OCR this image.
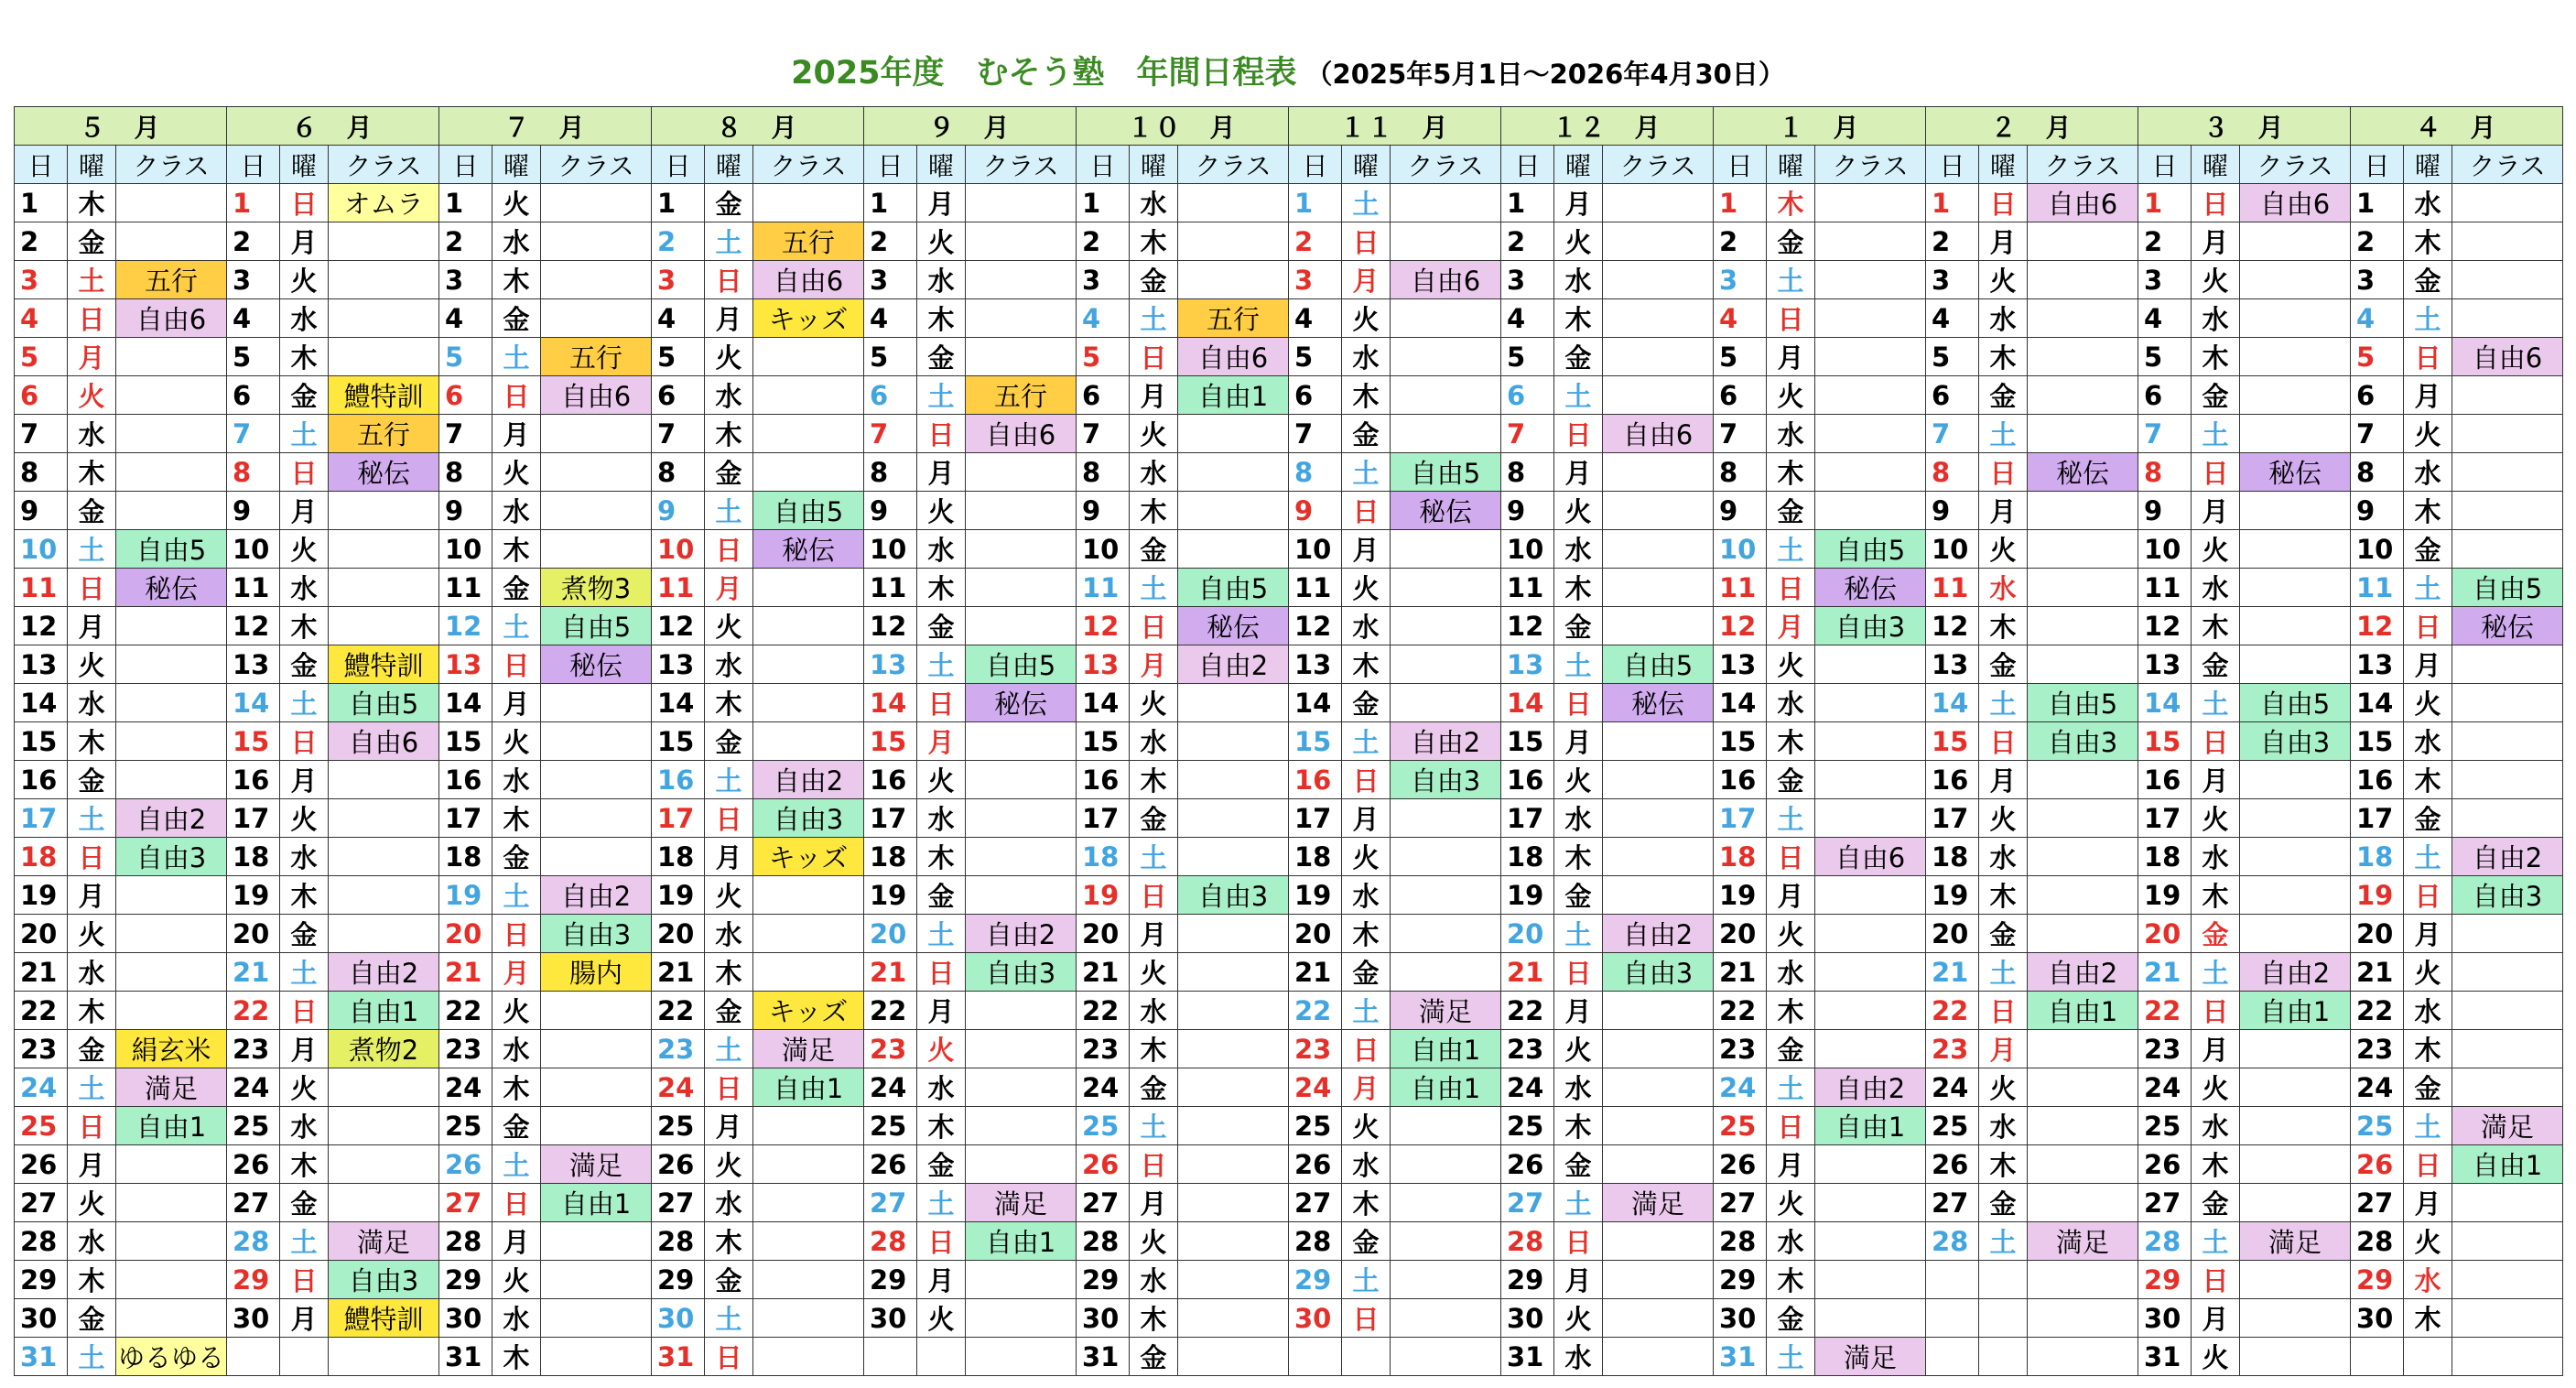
2025年度　むそう塾　年間日程表 （2025年5月1日～2026年4月30日）
５　月			６　月			７　月			８　月			９　月			１０　月			１１　月			１２　月			１　月			２　月			３　月			４　月		
日	曜	クラス	日	曜	クラス	日	曜	クラス	日	曜	クラス	日	曜	クラス	日	曜	クラス	日	曜	クラス	日	曜	クラス	日	曜	クラス	日	曜	クラス	日	曜	クラス	日	曜	クラス
1	木		1	日	オムラ	1	火		1	金		1	月		1	水		1	土		1	月		1	木		1	日	自由6	1	日	自由6	1	水	
2	金		2	月		2	水		2	土	五行	2	火		2	木		2	日		2	火		2	金		2	月		2	月		2	木	
3	土	五行	3	火		3	木		3	日	自由6	3	水		3	金		3	月	自由6	3	水		3	土		3	火		3	火		3	金	
4	日	自由6	4	水		4	金		4	月	キッズ	4	木		4	土	五行	4	火		4	木		4	日		4	水		4	水		4	土	
5	月		5	木		5	土	五行	5	火		5	金		5	日	自由6	5	水		5	金		5	月		5	木		5	木		5	日	自由6
6	火		6	金	鱧特訓	6	日	自由6	6	水		6	土	五行	6	月	自由1	6	木		6	土		6	火		6	金		6	金		6	月	
7	水		7	土	五行	7	月		7	木		7	日	自由6	7	火		7	金		7	日	自由6	7	水		7	土		7	土		7	火	
8	木		8	日	秘伝	8	火		8	金		8	月		8	水		8	土	自由5	8	月		8	木		8	日	秘伝	8	日	秘伝	8	水	
9	金		9	月		9	水		9	土	自由5	9	火		9	木		9	日	秘伝	9	火		9	金		9	月		9	月		9	木	
10	土	自由5	10	火		10	木		10	日	秘伝	10	水		10	金		10	月		10	水		10	土	自由5	10	火		10	火		10	金	
11	日	秘伝	11	水		11	金	煮物3	11	月		11	木		11	土	自由5	11	火		11	木		11	日	秘伝	11	水		11	水		11	土	自由5
12	月		12	木		12	土	自由5	12	火		12	金		12	日	秘伝	12	水		12	金		12	月	自由3	12	木		12	木		12	日	秘伝
13	火		13	金	鱧特訓	13	日	秘伝	13	水		13	土	自由5	13	月	自由2	13	木		13	土	自由5	13	火		13	金		13	金		13	月	
14	水		14	土	自由5	14	月		14	木		14	日	秘伝	14	火		14	金		14	日	秘伝	14	水		14	土	自由5	14	土	自由5	14	火	
15	木		15	日	自由6	15	火		15	金		15	月		15	水		15	土	自由2	15	月		15	木		15	日	自由3	15	日	自由3	15	水	
16	金		16	月		16	水		16	土	自由2	16	火		16	木		16	日	自由3	16	火		16	金		16	月		16	月		16	木	
17	土	自由2	17	火		17	木		17	日	自由3	17	水		17	金		17	月		17	水		17	土		17	火		17	火		17	金	
18	日	自由3	18	水		18	金		18	月	キッズ	18	木		18	土		18	火		18	木		18	日	自由6	18	水		18	水		18	土	自由2
19	月		19	木		19	土	自由2	19	火		19	金		19	日	自由3	19	水		19	金		19	月		19	木		19	木		19	日	自由3
20	火		20	金		20	日	自由3	20	水		20	土	自由2	20	月		20	木		20	土	自由2	20	火		20	金		20	金		20	月	
21	水		21	土	自由2	21	月	腸内	21	木		21	日	自由3	21	火		21	金		21	日	自由3	21	水		21	土	自由2	21	土	自由2	21	火	
22	木		22	日	自由1	22	火		22	金	キッズ	22	月		22	水		22	土	満足	22	月		22	木		22	日	自由1	22	日	自由1	22	水	
23	金	絹玄米	23	月	煮物2	23	水		23	土	満足	23	火		23	木		23	日	自由1	23	火		23	金		23	月		23	月		23	木	
24	土	満足	24	火		24	木		24	日	自由1	24	水		24	金		24	月	自由1	24	水		24	土	自由2	24	火		24	火		24	金	
25	日	自由1	25	水		25	金		25	月		25	木		25	土		25	火		25	木		25	日	自由1	25	水		25	水		25	土	満足
26	月		26	木		26	土	満足	26	火		26	金		26	日		26	水		26	金		26	月		26	木		26	木		26	日	自由1
27	火		27	金		27	日	自由1	27	水		27	土	満足	27	月		27	木		27	土	満足	27	火		27	金		27	金		27	月	
28	水		28	土	満足	28	月		28	木		28	日	自由1	28	火		28	金		28	日		28	水		28	土	満足	28	土	満足	28	火	
29	木		29	日	自由3	29	火		29	金		29	月		29	水		29	土		29	月		29	木					29	日		29	水	
30	金		30	月	鱧特訓	30	水		30	土		30	火		30	木		30	日		30	火		30	金					30	月		30	木	
31	土	ゆるゆる				31	木		31	日					31	金					31	水		31	土	満足				31	火				
